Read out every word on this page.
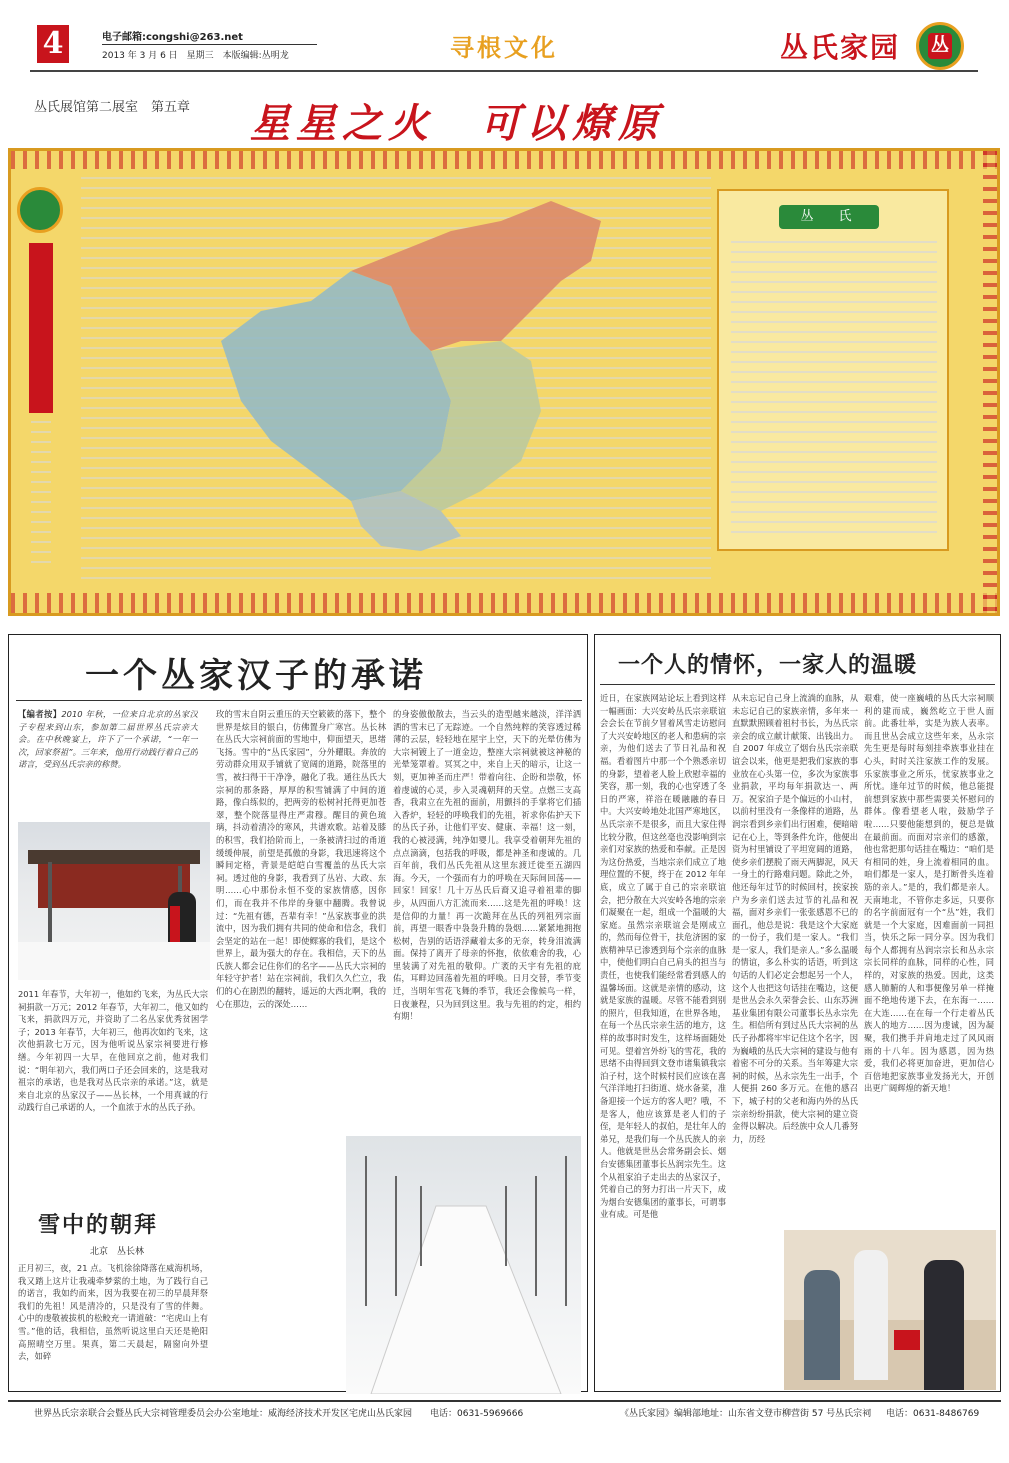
4	电子邮箱:congshi@263.net
2013 年 3 月 6 日　星期三　本版编辑:丛明龙	寻根文化	丛氏家园 丛
丛氏展馆第二展室　第五章 星星之火　可以燎原
丛　氏
一个丛家汉子的承诺
【编者按】2010 年秋，一位来自北京的丛家汉子专程来到山东，参加第二届世界丛氏宗亲大会。在中秋晚宴上，许下了一个承诺，“一年一次，回家祭祖”。三年来，他用行动践行着自己的诺言，受到丛氏宗亲的称赞。
2011 年春节，大年初一，他如约飞来，为丛氏大宗祠捐款一万元；2012 年春节，大年初二，他又如约飞来，捐款四万元，并资助了二名丛家优秀贫困学子；2013 年春节，大年初三，他再次如约飞来，这次他捐款七万元，因为他听说丛家宗祠要进行修缮。今年初四一大早，在他回京之前，他对我们说：“明年初六，我们两口子还会回来的，这是我对祖宗的承诺，也是我对丛氏宗亲的承诺。”这，就是来自北京的丛家汉子——丛长林，一个用真诚的行动践行自己承诺的人，一个血浓于水的丛氏子孙。
雪中的朝拜
北京　丛长林
正月初三，夜，21 点。飞机徐徐降落在威海机场，我又踏上这片让我魂牵梦萦的土地，为了践行自己的诺言，我如约而来，因为我要在初三的早晨拜祭我们的先祖！风是清冷的，只是没有了雪的伴舞。心中的虔敬被拔机的松鲛充一请道破：“宅虎山上有雪。”他的话，我相信，虽然听说这里白天还是艳阳高照晴空万里。果真，第二天晨起，隔窗向外望去，如碎
玫的雪末自阴云重压的天空簌簌的落下，整个世界是炫目的银白，仿佛置身广寒宫。丛长林在丛氏大宗祠前面的雪地中，仰面望天，思绪飞扬。雪中的“丛氏家园”，分外耀眼。奔放的劳动群众用双手铺就了宽阔的道路，院落里的雪，被扫得干干净净，融化了我。通往丛氏大宗祠的那条路，厚厚的积雪铺满了中间的道路，像白练似的，把两旁的松树衬托得更加苍翠，整个院落显得庄严肃穆。醒目的黄色琉璃，抖动着清冷的寒风，共谱欢歌。站着及膝的积雪，我们拾阶而上，一条被清扫过的甬道缓缓伸展，前望是孤傲的身影，我迅速将这个瞬间定格，背景是皑皑白雪覆盖的丛氏大宗祠。透过他的身影，我看到了丛岩、大政、东明……心中那份永恒不变的家族情感，因你们，而在我并不伟岸的身躯中翻腾。我曾说过：“先祖有德，吾辈有幸！”丛家族事业的洪流中，因为我们拥有共同的使命和信念，我们会坚定的站在一起！即使鳏寡的我们，是这个世界上，最为强大的存在。我相信，天下的丛氏族人都会记住你们的名字——丛氏大宗祠的年轻守护者！站在宗祠前，我们久久伫立，我们的心在剧烈的翻转，遥远的大西北啊，我的心在那边，云的深处……
的身姿傲傲散去，当云头的造型越来越淡，洋洋洒洒的雪末已了无踪迹。一个自然纯粹的笑容透过稀薄的云层，轻轻地在屋宇上空，天下的光晕仿佛为大宗祠镀上了一道金边，整座大宗祠就被这神秘的光晕笼罩着。冥冥之中，来自上天的暗示，让这一刻，更加神圣而庄严！带着向往、企盼和崇敬，怀着虔诚的心灵，步入灵魂朝拜的天堂。点燃三支高香，我肃立在先祖的面前，用颤抖的手掌将它们插入香炉，轻轻的呼唤我们的先祖，祈求你佑护天下的丛氏子孙，让他们平安、健康、幸福！这一刻，我的心被浸满，纯净如婴儿。我享受着朝拜先祖的点点滴滴，包括我的呼吸，都是神圣和虔诚的。几百年前，我们丛氏先祖从这里东渡迁徙至五湖四海。今天，一个强而有力的呼唤在天际间回荡——回家！回家！几十万丛氏后裔又追寻着祖辈的脚步，从四面八方汇流而来……这是先祖的呼唤！这是信仰的力量！再一次跪拜在丛氏的列祖列宗面前，再望一眼香中袅袅升腾的袅烟……紧紧地拥抱松树，告别的话语浮藏着太多的无奈，转身泪流满面。保持了离开了母亲的怀抱，依依难舍的我，心里装满了对先祖的敬仰。广袤的天宇有先祖的庇佑，耳畔边回荡着先祖的呼唤。日月交替，季节变迁，当明年雪花飞舞的季节，我还会像候鸟一样，日夜兼程，只为回到这里。我与先祖的约定，相约有期！
一个人的情怀，一家人的温暖
近日，在家族网站论坛上看到这样一幅画面：大兴安岭丛氏宗亲联谊会会长在节前夕冒着风雪走访慰问了大兴安岭地区的老人和患病的宗亲，为他们送去了节日礼品和祝福。看着图片中那一个个熟悉亲切的身影，望着老人脸上欣慰幸福的笑容，那一刻，我的心也穿透了冬日的严寒，祥浴在暖融融的春日中。大兴安岭地处北国严寒地区，丛氏宗亲不是很多，而且大家住得比较分散，但这丝毫也没影响到宗亲们对家族的热爱和奉献。正是因为这份热爱，当地宗亲们成立了地理位置的不便，终于在 2012 年年底，成立了属于自己的宗亲联谊会，把分散在大兴安岭各地的宗亲们凝聚在一起，组成一个温暖的大家庭。虽然宗亲联谊会是刚成立的，然而每位骨干，扶危济困的家族精神早已渗透到每个宗亲的血脉中，使他们明白自己肩头的担当与责任，也使我们能经常看到感人的温馨场面。这就是亲情的感动，这就是家族的温暖。尽管不能看到别的照片，但我知道，在世界各地，在每一个丛氏宗亲生活的地方，这样的故事时时发生，这样场面随处可见。望着宫外纷飞的雪花，我的思绪不由得回到文登市诸集镇我宗泊子村，这个时候村民们应该在喜气洋洋地打扫街道、烧水备菜，准备迎接一个远方的客人吧？哦，不是客人，他应该算是老人们的子侄，是年轻人的叔伯，是壮年人的弟兄，是我们每一个丛氏族人的亲人。他就是世丛会常务副会长、烟台安德集团董事长丛润宗先生。这个从祖家泊子走出去的丛家汉子，凭着自己的努力打出一片天下，成为烟台安德集团的董事长，可谓事业有成。可是他
从未忘记自己身上流淌的血脉，从未忘记自己的家族亲情，多年来一直默默照顾着祖村书长，为丛氏宗亲会的成立献计献策、出钱出力。自 2007 年成立了烟台丛氏宗亲联谊会以来，他更是把我们家族的事业放在心头第一位，多次为家族事业捐款，平均每年捐款达一、两万。祝家泊子是个偏远的小山村，以前村里没有一条像样的道路，丛润宗看到乡亲们出行困难，便暗暗记在心上，等到条件允许，他便出资为村里铺设了平坦宽阔的道路，使乡亲们摆脱了雨天两脚泥，风天一身土的行路难问题。除此之外，他还每年过节的时候回村，挨家挨户为乡亲们送去过节的礼品和祝福，面对乡亲们一张张感恩不已的面孔，他总是说：我是这个大家庭的一份子，我们是一家人。“我们是一家人，我们是亲人。”多么温暖的情谊，多么朴实的话语，听到这句话的人们必定会想起另一个人，这个人也把这句话挂在嘴边，这便是世丛会永久荣誉会长、山东苏洲基业集团有限公司董事长丛永宗先生。相信所有到过丛氏大宗祠的丛氏子孙都将牢牢记住这个名字，因为巍峨的丛氏大宗祠的建设与他有着密不可分的关系。当年筹建大宗祠的时候，丛永宗先生一出手，个人便捐 260 多万元。在他的感召下，城子村的父老和海内外的丛氏宗亲纷纷捐款，使大宗祠的建立资金得以解决。后经族中众人几番努力，历经
艰难，使一座巍峨的丛氏大宗祠顺利的建而成，巍然屹立于世人面前。此番壮举，实是为族人表率。而且世丛会成立这些年来，丛永宗先生更是每时每刻挂牵族事业挂在心头，时时关注家族工作的发展。乐家族事业之所乐，忧家族事业之所忧。逢年过节的时候，他总能提前想到家族中那些需要关怀慰问的群体。像看望老人啦，鼓励学子啦……只要他能想到的，便总是做在最前面。而面对宗亲们的感激，他也常把那句话挂在嘴边：“咱们是有相同的姓，身上流着相同的血。咱们都是一家人，是打断骨头连着筋的亲人。”是的，我们都是亲人。天南地北，不管你走多远，只要你的名字前面冠有一个“丛”姓，我们就是一个大家庭，因难面前一同担当，快乐之际一同分享。因为我们每个人都拥有丛润宗宗长和丛永宗宗长同样的血脉，同样的心性，同样的，对家族的热爱。因此，这类感人肺腑的人和事便像另单一样掩面不绝地传递下去，在东海一……在大连……在在每一个行走着丛氏族人的地方……因为虔诚，因为凝聚，我们携手并肩地走过了风风雨雨的十八年。因为感恩，因为热爱，我们必将更加奋进，更加信心百倍地把家族事业发扬光大，开创出更广阔辉煌的新天地！
世界丛氏宗亲联合会暨丛氏大宗祠管理委员会办公室地址：威海经济技术开发区宅虎山丛氏家园 电话：0631-5969666	《丛氏家园》编辑部地址：山东省文登市柳营街 57 号丛氏宗祠 电话：0631-8486769
